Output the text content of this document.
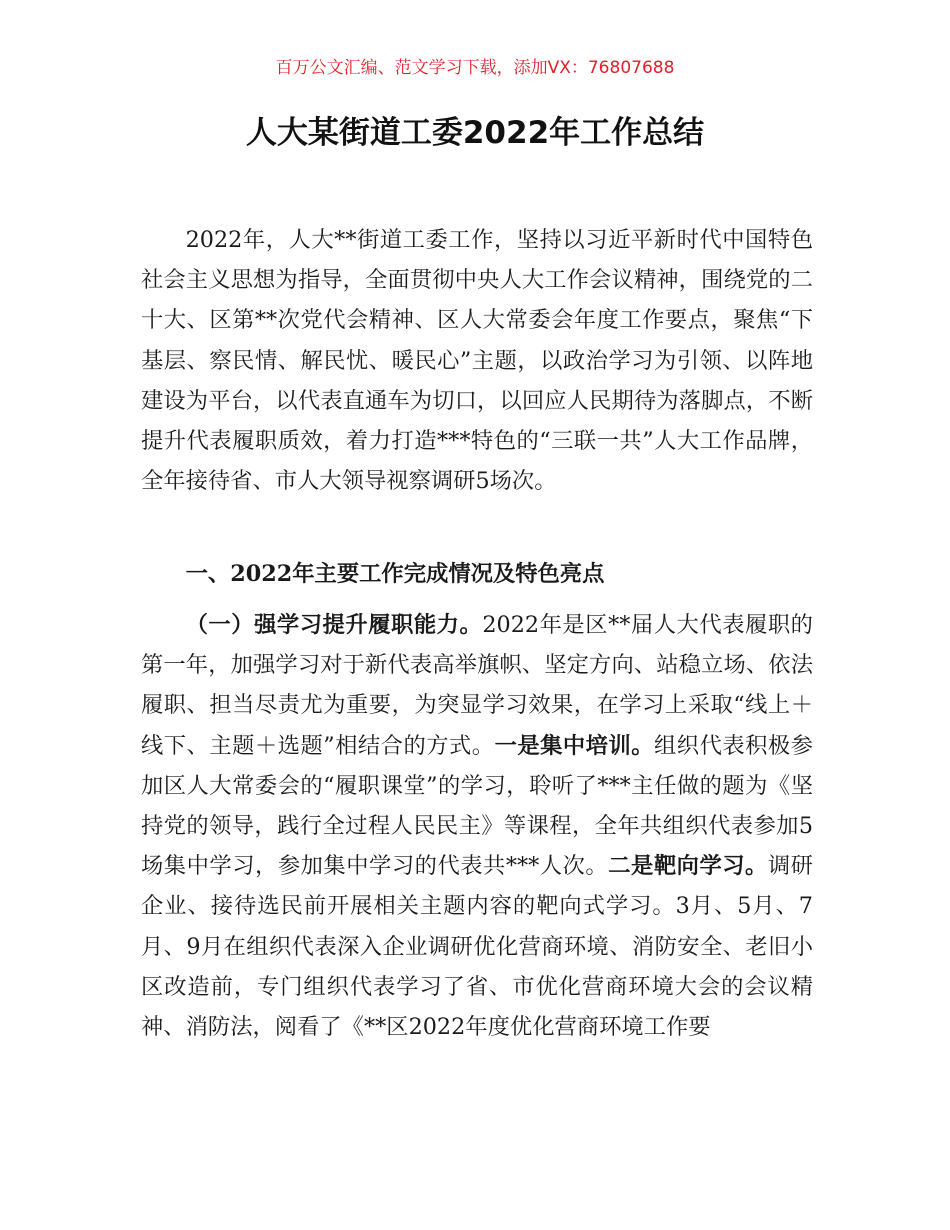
百万公文汇编、范文学习下载，添加VX：76807688
人大某街道工委2022年工作总结

2022年，人大**街道工委工作，坚持以习近平新时代中国特色社会主义思想为指导，全面贯彻中央人大工作会议精神，围绕党的二十大、区第**次党代会精神、区人大常委会年度工作要点，聚焦“下基层、察民情、解民忧、暖民心”主题，以政治学习为引领、以阵地建设为平台，以代表直通车为切口，以回应人民期待为落脚点，不断提升代表履职质效，着力打造***特色的“三联一共”人大工作品牌，全年接待省、市人大领导视察调研5场次。

一、2022年主要工作完成情况及特色亮点

（一）强学习提升履职能力。2022年是区**届人大代表履职的第一年，加强学习对于新代表高举旗帜、坚定方向、站稳立场、依法履职、担当尽责尤为重要，为突显学习效果，在学习上采取“线上＋线下、主题＋选题”相结合的方式。一是集中培训。组织代表积极参加区人大常委会的“履职课堂”的学习，聆听了***主任做的题为《坚持党的领导，践行全过程人民民主》等课程，全年共组织代表参加5场集中学习，参加集中学习的代表共***人次。二是靶向学习。调研企业、接待选民前开展相关主题内容的靶向式学习。3月、5月、7月、9月在组织代表深入企业调研优化营商环境、消防安全、老旧小区改造前，专门组织代表学习了省、市优化营商环境大会的会议精神、消防法，阅看了《**区2022年度优化营商环境工作要
